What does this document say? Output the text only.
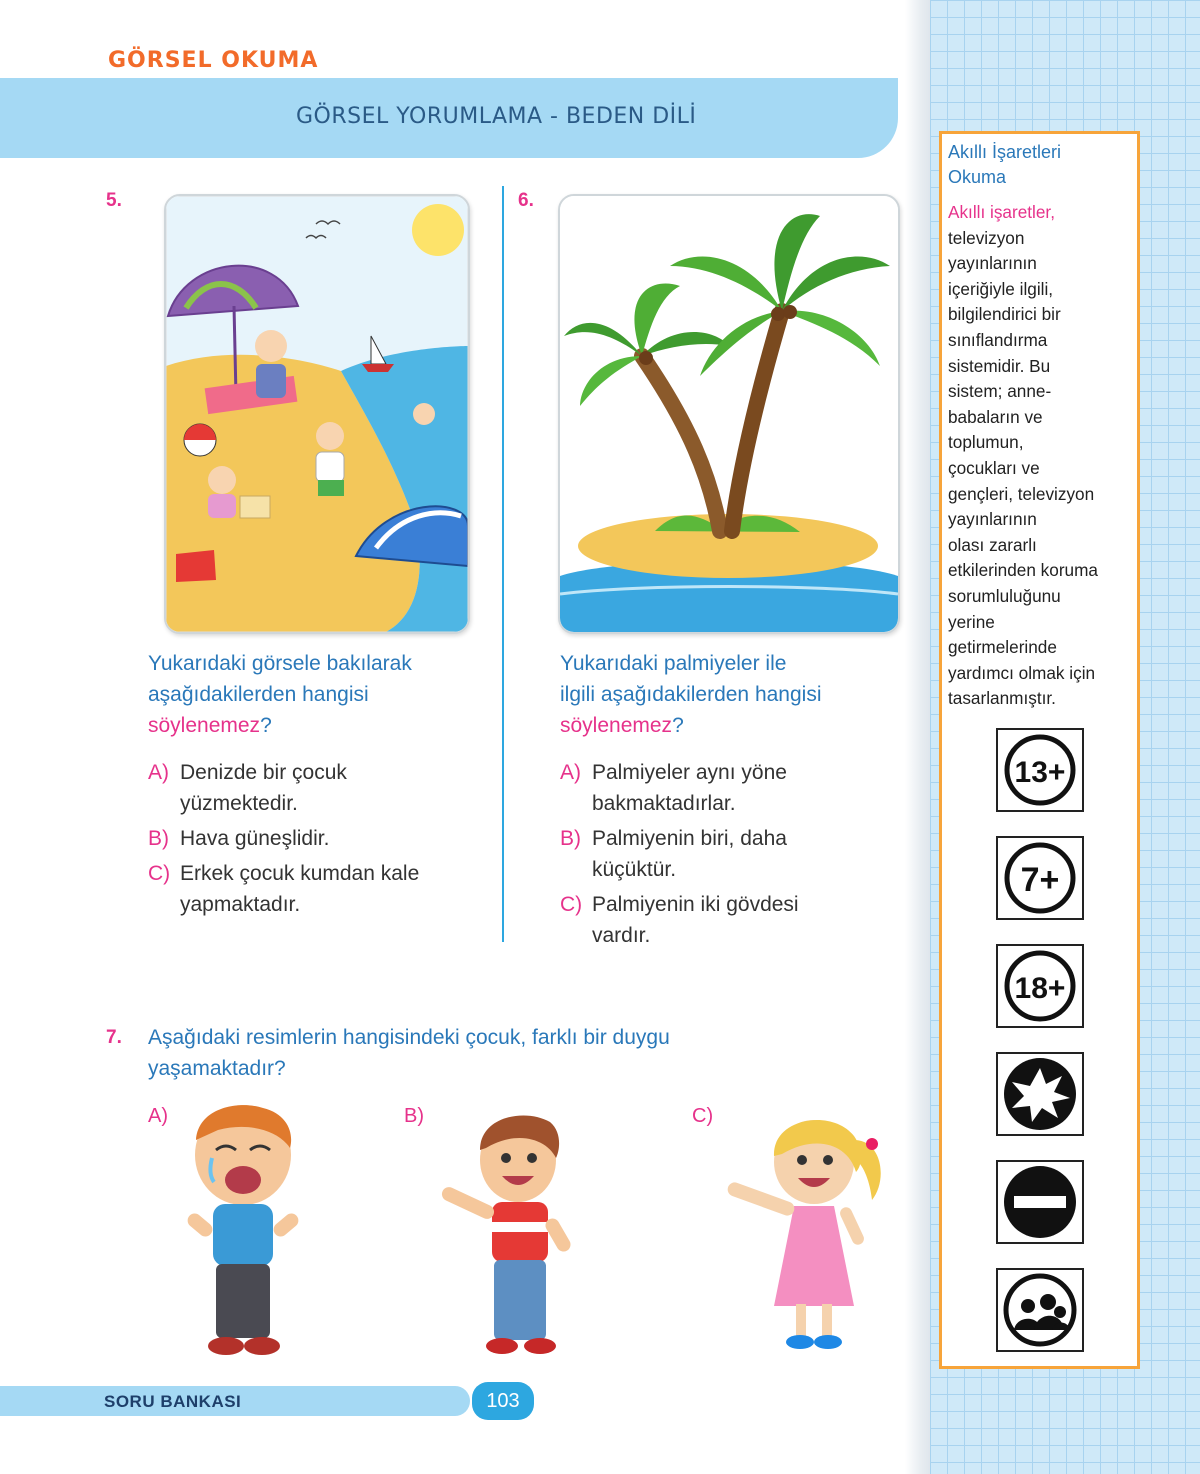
GÖRSEL OKUMA
GÖRSEL YORUMLAMA - BEDEN DİLİ
5.
Yukarıdaki görsele bakılarak
aşağıdakilerden hangisi
söylenemez?
A) Denizde bir çocuk
yüzmektedir.
B) Hava güneşlidir.
C) Erkek çocuk kumdan kale
yapmaktadır.
6.
Yukarıdaki palmiyeler ile
ilgili aşağıdakilerden hangisi
söylenemez?
A) Palmiyeler aynı yöne
bakmaktadırlar.
B) Palmiyenin biri, daha
küçüktür.
C) Palmiyenin iki gövdesi
vardır.
7. Aşağıdaki resimlerin hangisindeki çocuk, farklı bir duygu
yaşamaktadır?
A)	B)	C)
SORU BANKASI	103
Akıllı İşaretleri
Okuma
Akıllı işaretler,
televizyon
yayınlarının
içeriğiyle ilgili,
bilgilendirici bir
sınıflandırma
sistemidir. Bu
sistem; anne-
babaların ve
toplumun,
çocukları ve
gençleri, televizyon
yayınlarının
olası zararlı
etkilerinden koruma
sorumluluğunu
yerine
getirmelerinde
yardımcı olmak için
tasarlanmıştır.
13+
7+
18+
